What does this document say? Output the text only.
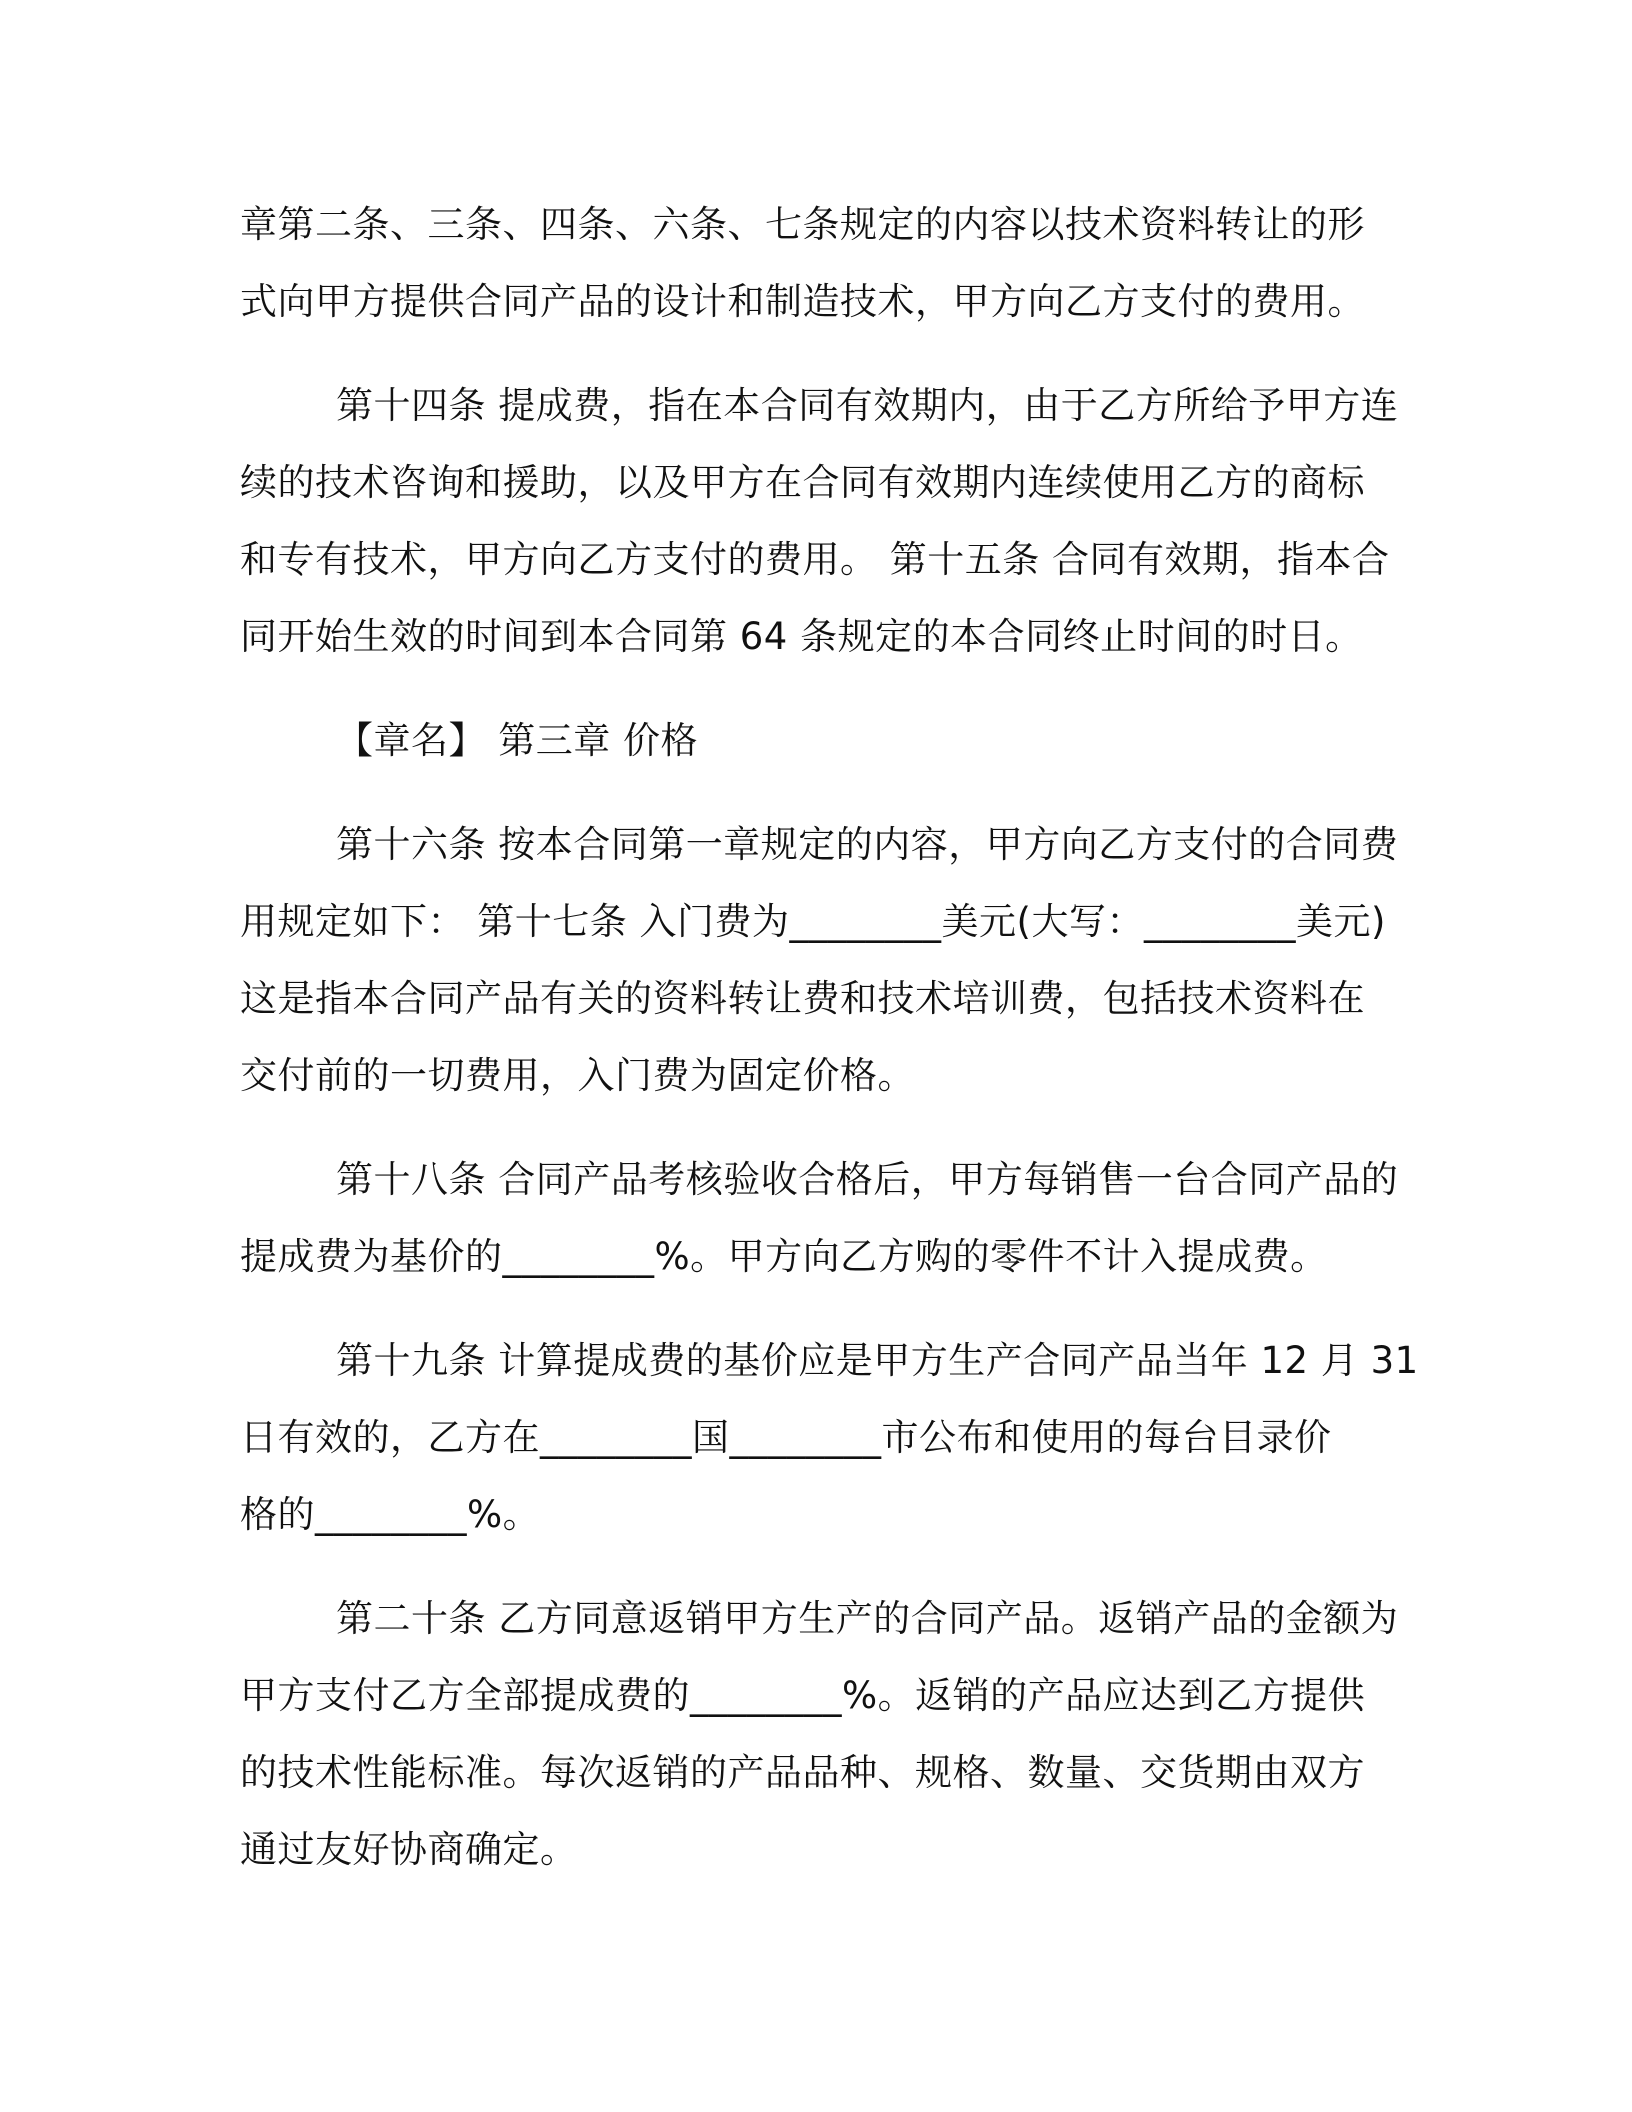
章第二条、三条、四条、六条、七条规定的内容以技术资料转让的形
式向甲方提供合同产品的设计和制造技术，甲方向乙方支付的费用。
第十四条 提成费，指在本合同有效期内，由于乙方所给予甲方连
续的技术咨询和援助，以及甲方在合同有效期内连续使用乙方的商标
和专有技术，甲方向乙方支付的费用。 第十五条 合同有效期，指本合
同开始生效的时间到本合同第 64 条规定的本合同终止时间的时日。
【章名】 第三章 价格
第十六条 按本合同第一章规定的内容，甲方向乙方支付的合同费
用规定如下： 第十七条 入门费为________美元(大写：________美元)
这是指本合同产品有关的资料转让费和技术培训费，包括技术资料在
交付前的一切费用，入门费为固定价格。
第十八条 合同产品考核验收合格后，甲方每销售一台合同产品的
提成费为基价的________%。甲方向乙方购的零件不计入提成费。
第十九条 计算提成费的基价应是甲方生产合同产品当年 12 月 31
日有效的，乙方在________国________市公布和使用的每台目录价
格的________%。
第二十条 乙方同意返销甲方生产的合同产品。返销产品的金额为
甲方支付乙方全部提成费的________%。返销的产品应达到乙方提供
的技术性能标准。每次返销的产品品种、规格、数量、交货期由双方
通过友好协商确定。
